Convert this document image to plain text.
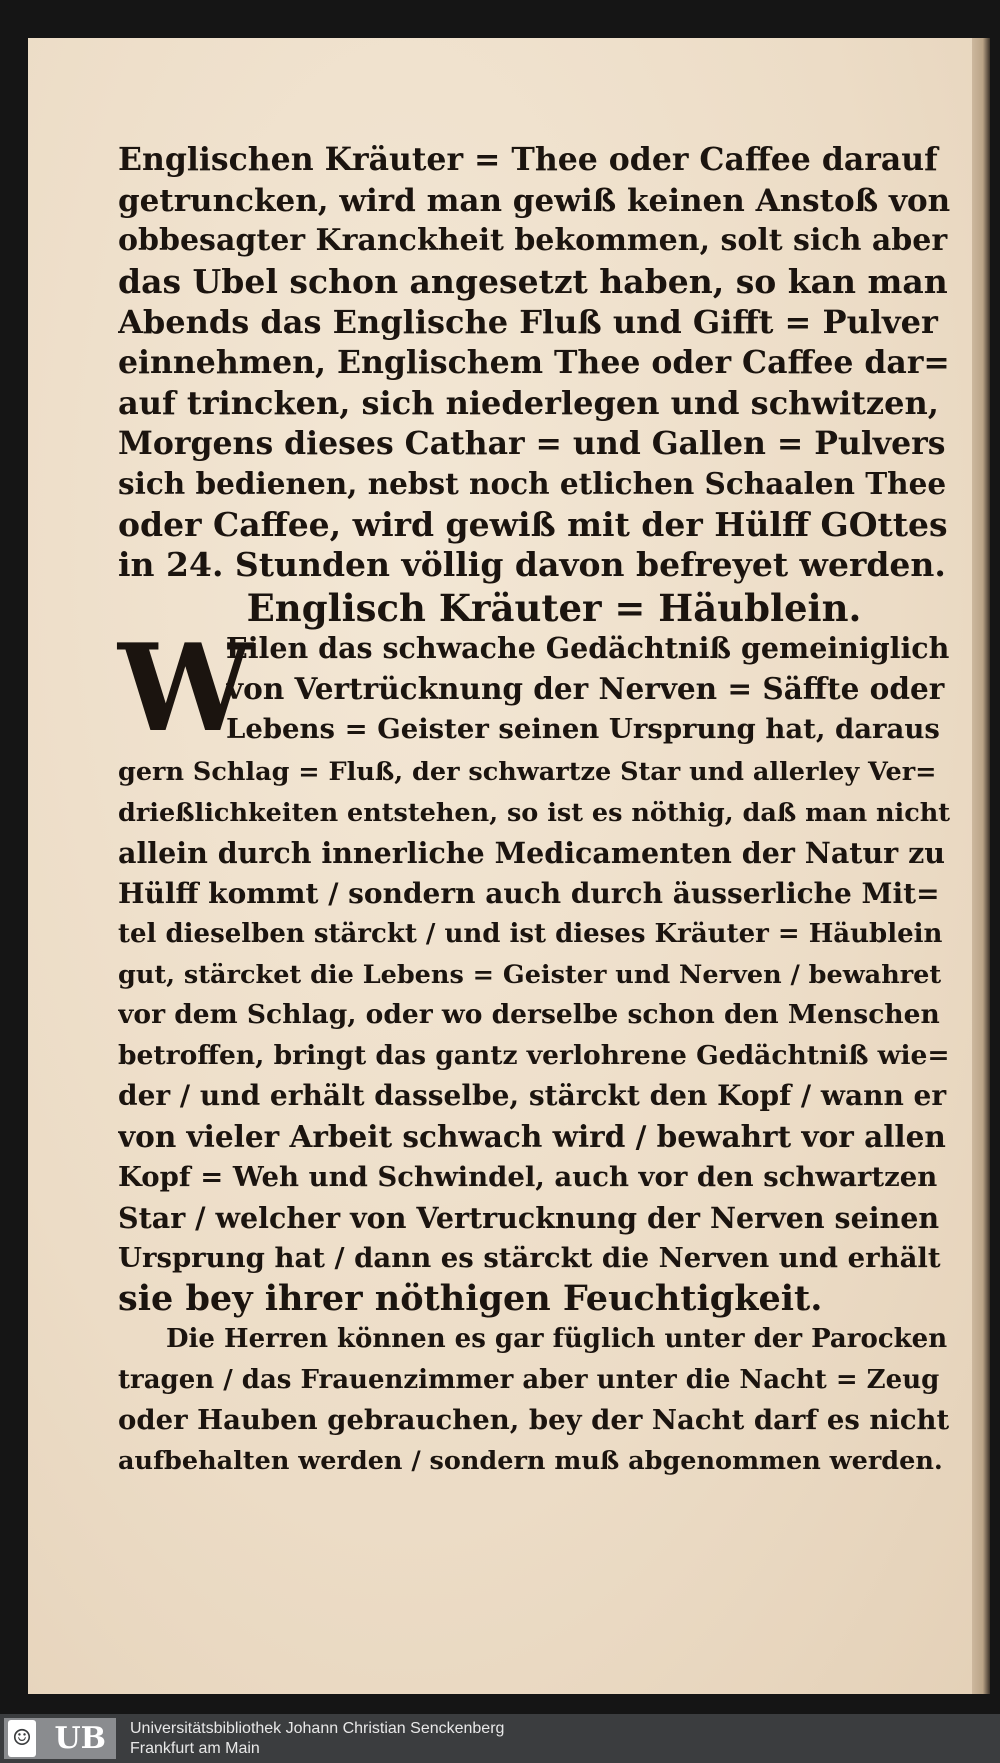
Englischen Kräuter = Thee oder Caffee darauf
getruncken, wird man gewiß keinen Anstoß von
obbesagter Kranckheit bekommen, solt sich aber
das Ubel schon angesetzt haben, so kan man
Abends das Englische Fluß und Gifft = Pulver
einnehmen, Englischem Thee oder Caffee dar=
auf trincken, sich niederlegen und schwitzen,
Morgens dieses Cathar = und Gallen = Pulvers
sich bedienen, nebst noch etlichen Schaalen Thee
oder Caffee, wird gewiß mit der Hülff GOttes
in 24. Stunden völlig davon befreyet werden.
Englisch Kräuter = Häublein.
W
Eilen das schwache Gedächtniß gemeiniglich
von Vertrücknung der Nerven = Säffte oder
Lebens = Geister seinen Ursprung hat, daraus
gern Schlag = Fluß, der schwartze Star und allerley Ver=
drießlichkeiten entstehen, so ist es nöthig, daß man nicht
allein durch innerliche Medicamenten der Natur zu
Hülff kommt / sondern auch durch äusserliche Mit=
tel dieselben stärckt / und ist dieses Kräuter = Häublein
gut, stärcket die Lebens = Geister und Nerven / bewahret
vor dem Schlag, oder wo derselbe schon den Menschen
betroffen, bringt das gantz verlohrene Gedächtniß wie=
der / und erhält dasselbe, stärckt den Kopf / wann er
von vieler Arbeit schwach wird / bewahrt vor allen
Kopf = Weh und Schwindel, auch vor den schwartzen
Star / welcher von Vertrucknung der Nerven seinen
Ursprung hat / dann es stärckt die Nerven und erhält
sie bey ihrer nöthigen Feuchtigkeit.
Die Herren können es gar füglich unter der Parocken
tragen / das Frauenzimmer aber unter die Nacht = Zeug
oder Hauben gebrauchen, bey der Nacht darf es nicht
aufbehalten werden / sondern muß abgenommen werden.
☺ UB Universitätsbibliothek Johann Christian Senckenberg
Frankfurt am Main
